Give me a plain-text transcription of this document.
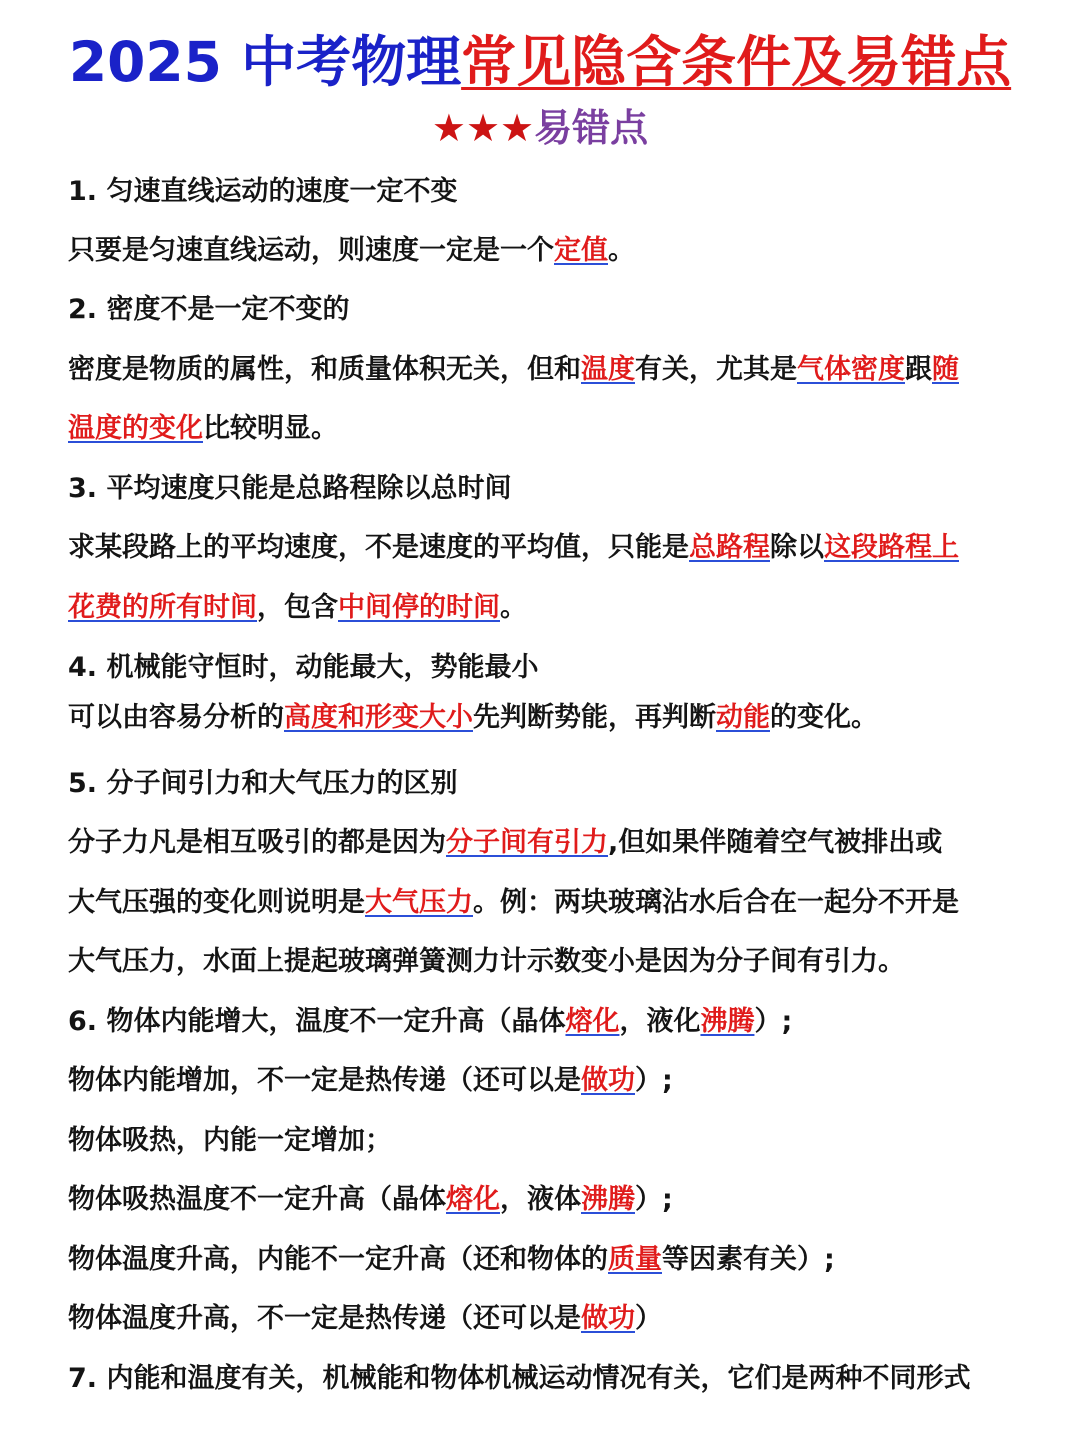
2025 中考物理常见隐含条件及易错点
★★★易错点
1. 匀速直线运动的速度一定不变
只要是匀速直线运动，则速度一定是一个定值。
2. 密度不是一定不变的
密度是物质的属性，和质量体积无关，但和温度有关，尤其是气体密度跟随
温度的变化比较明显。
3. 平均速度只能是总路程除以总时间
求某段路上的平均速度，不是速度的平均值，只能是总路程除以这段路程上
花费的所有时间，包含中间停的时间。
4. 机械能守恒时，动能最大，势能最小
可以由容易分析的高度和形变大小先判断势能，再判断动能的变化。
5. 分子间引力和大气压力的区别
分子力凡是相互吸引的都是因为分子间有引力,但如果伴随着空气被排出或
大气压强的变化则说明是大气压力。例：两块玻璃沾水后合在一起分不开是
大气压力，水面上提起玻璃弹簧测力计示数变小是因为分子间有引力。
6. 物体内能增大，温度不一定升高（晶体熔化，液化沸腾）;
物体内能增加，不一定是热传递（还可以是做功）;
物体吸热，内能一定增加；
物体吸热温度不一定升高（晶体熔化，液体沸腾）;
物体温度升高，内能不一定升高（还和物体的质量等因素有关）;
物体温度升高，不一定是热传递（还可以是做功）
7. 内能和温度有关，机械能和物体机械运动情况有关，它们是两种不同形式
